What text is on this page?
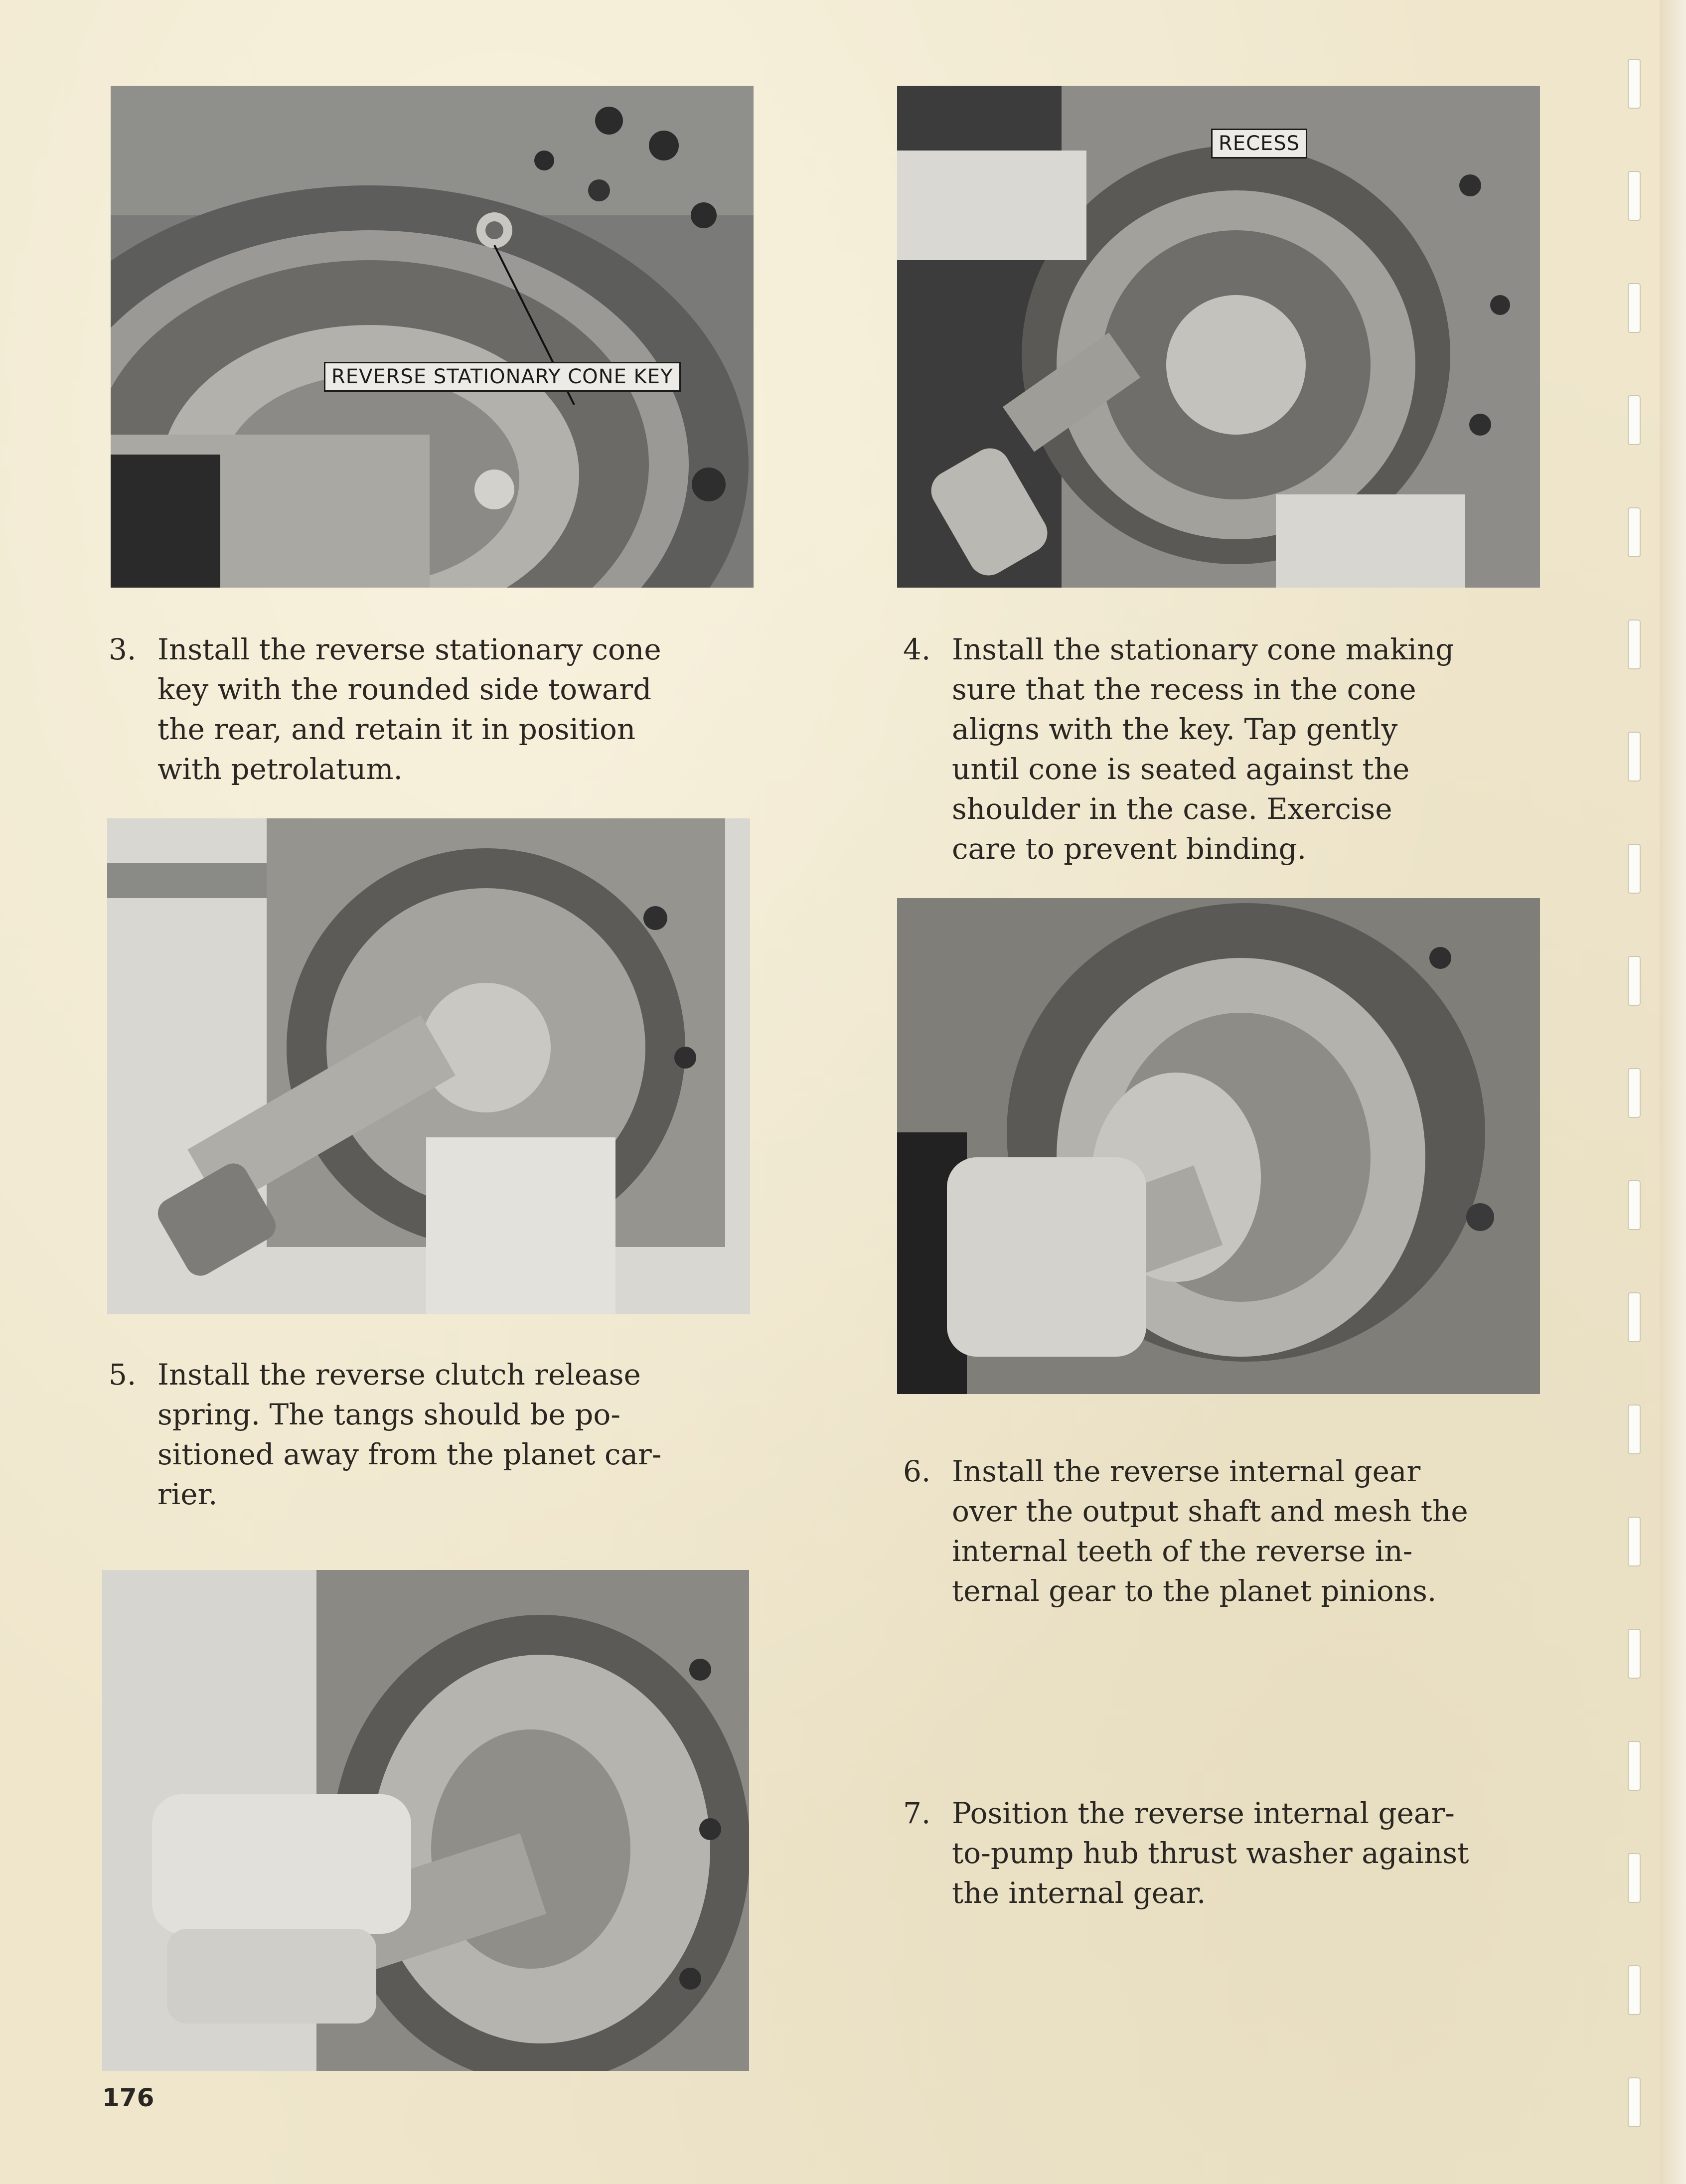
REVERSE STATIONARY CONE KEY
RECESS
3. Install the reverse stationary cone
key with the rounded side toward
the rear, and retain it in position
with petrolatum.
4. Install the stationary cone making
sure that the recess in the cone
aligns with the key. Tap gently
until cone is seated against the
shoulder in the case. Exercise
care to prevent binding.
5. Install the reverse clutch release
spring. The tangs should be po-
sitioned away from the planet car-
rier.
6. Install the reverse internal gear
over the output shaft and mesh the
internal teeth of the reverse in-
ternal gear to the planet pinions.
7. Position the reverse internal gear-
to-pump hub thrust washer against
the internal gear.
176
